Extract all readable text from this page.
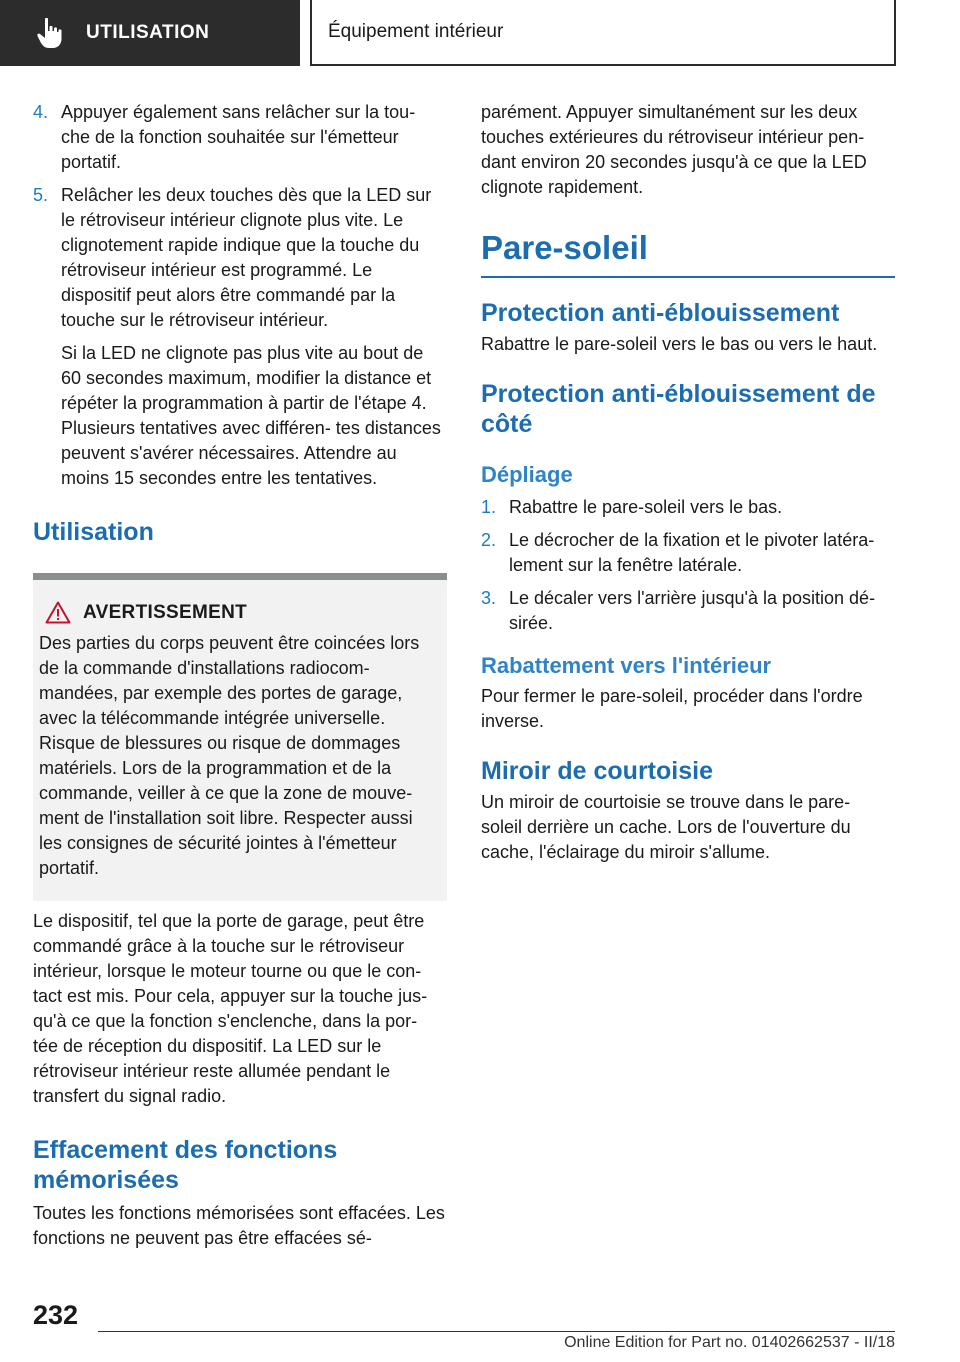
UTILISATION	Équipement intérieur
4. Appuyer également sans relâcher sur la tou‐ che de la fonction souhaitée sur l'émetteur portatif.

5. Relâcher les deux touches dès que la LED sur le rétroviseur intérieur clignote plus vite. Le clignotement rapide indique que la touche du rétroviseur intérieur est programmé. Le dispositif peut alors être commandé par la touche sur le rétroviseur intérieur.

Si la LED ne clignote pas plus vite au bout de 60 secondes maximum, modifier la distance et répéter la programmation à partir de l'étape 4. Plusieurs tentatives avec différen‐ tes distances peuvent s'avérer nécessaires. Attendre au moins 15 secondes entre les tentatives.

Utilisation
AVERTISSEMENT

Des parties du corps peuvent être coincées lors de la commande d'installations radiocom‐ mandées, par exemple des portes de garage, avec la télécommande intégrée universelle. Risque de blessures ou risque de dommages matériels. Lors de la programmation et de la commande, veiller à ce que la zone de mouve‐ ment de l'installation soit libre. Respecter aussi les consignes de sécurité jointes à l'émetteur portatif.

Le dispositif, tel que la porte de garage, peut être commandé grâce à la touche sur le rétroviseur intérieur, lorsque le moteur tourne ou que le con‐ tact est mis. Pour cela, appuyer sur la touche jus‐ qu'à ce que la fonction s'enclenche, dans la por‐ tée de réception du dispositif. La LED sur le rétroviseur intérieur reste allumée pendant le transfert du signal radio.

Effacement des fonctions mémorisées

Toutes les fonctions mémorisées sont effacées. Les fonctions ne peuvent pas être effacées sé‐

parément. Appuyer simultanément sur les deux touches extérieures du rétroviseur intérieur pen‐ dant environ 20 secondes jusqu'à ce que la LED clignote rapidement.

Pare-soleil
Protection anti-éblouissement

Rabattre le pare-soleil vers le bas ou vers le haut.

Protection anti-éblouissement de côté
Dépliage
1. Rabattre le pare-soleil vers le bas.

2. Le décrocher de la fixation et le pivoter latéra‐ lement sur la fenêtre latérale.

3. Le décaler vers l'arrière jusqu'à la position dé‐ sirée.

Rabattement vers l'intérieur

Pour fermer le pare-soleil, procéder dans l'ordre inverse.

Miroir de courtoisie

Un miroir de courtoisie se trouve dans le pare- soleil derrière un cache. Lors de l'ouverture du cache, l'éclairage du miroir s'allume.

232
Online Edition for Part no. 01402662537 - II/18
